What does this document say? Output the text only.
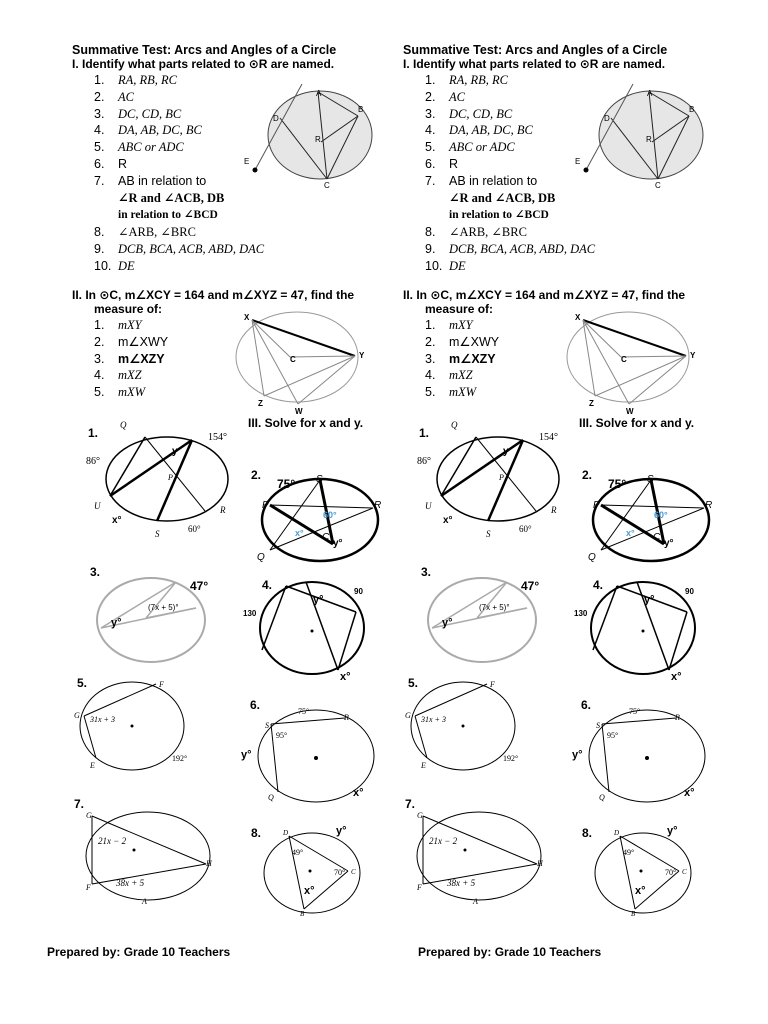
Summative Test: Arcs and Angles of a Circle
I. Identify what parts related to ⊙R are named.
1. RA, RB, RC
2. AC
3. DC, CD, BC
4. DA, AB, DC, BC
5. ABC or ADC
6. R
7. AB in relation to
∠R and ∠ACB, DB
in relation to ∠BCD
8. ∠ARB, ∠BRC
9. DCB, BCA, ACB, ABD, DAC
10. DE
A
B
D
R
C
E
II. In ⊙C, m∠XCY = 164 and m∠XYZ = 47, find the
measure of:
1. mXY
2. m∠XWY
3. m∠XZY
4. mXZ
5. mXW
X
Y
C
Z
W
III. Solve for x and y.
1.
Q
154°
86°
y
U
x°
P
60°
S
R
2.
75° S
P	R
Q
C
60°
x°
y°
3.
47°
(7x + 5)°
y°
4.
y°
90
130
x°
5.	F
G 31x + 3
E
192°
6.	75°
S
R
95°
y°
Q	x°
7.
G
21x − 2
H
38x + 5
F
A
8.	y°
D
49°
70° C
x°
B
Prepared by: Grade 10 Teachers
Summative Test: Arcs and Angles of a Circle
I. Identify what parts related to ⊙R are named.
1. RA, RB, RC
2. AC
3. DC, CD, BC
4. DA, AB, DC, BC
5. ABC or ADC
6. R
7. AB in relation to
∠R and ∠ACB, DB
in relation to ∠BCD
8. ∠ARB, ∠BRC
9. DCB, BCA, ACB, ABD, DAC
10. DE
A
B
D
R
C
E
II. In ⊙C, m∠XCY = 164 and m∠XYZ = 47, find the
measure of:
1. mXY
2. m∠XWY
3. m∠XZY
4. mXZ
5. mXW
X
Y
C
Z
W
III. Solve for x and y.
1.
Q
154°
86°
y
U
x°
P
60°
S
R
2.
75° S
P	R
Q
C
60°
x°
y°
3.
47°
(7x + 5)°
y°
4.
y°
90
130
x°
5.	F
G 31x + 3
E
192°
6.	75°
S
R
95°
y°
Q	x°
7.
G
21x − 2
H
38x + 5
F
A
8.	y°
D
49°
70° C
x°
B
Prepared by: Grade 10 Teachers
